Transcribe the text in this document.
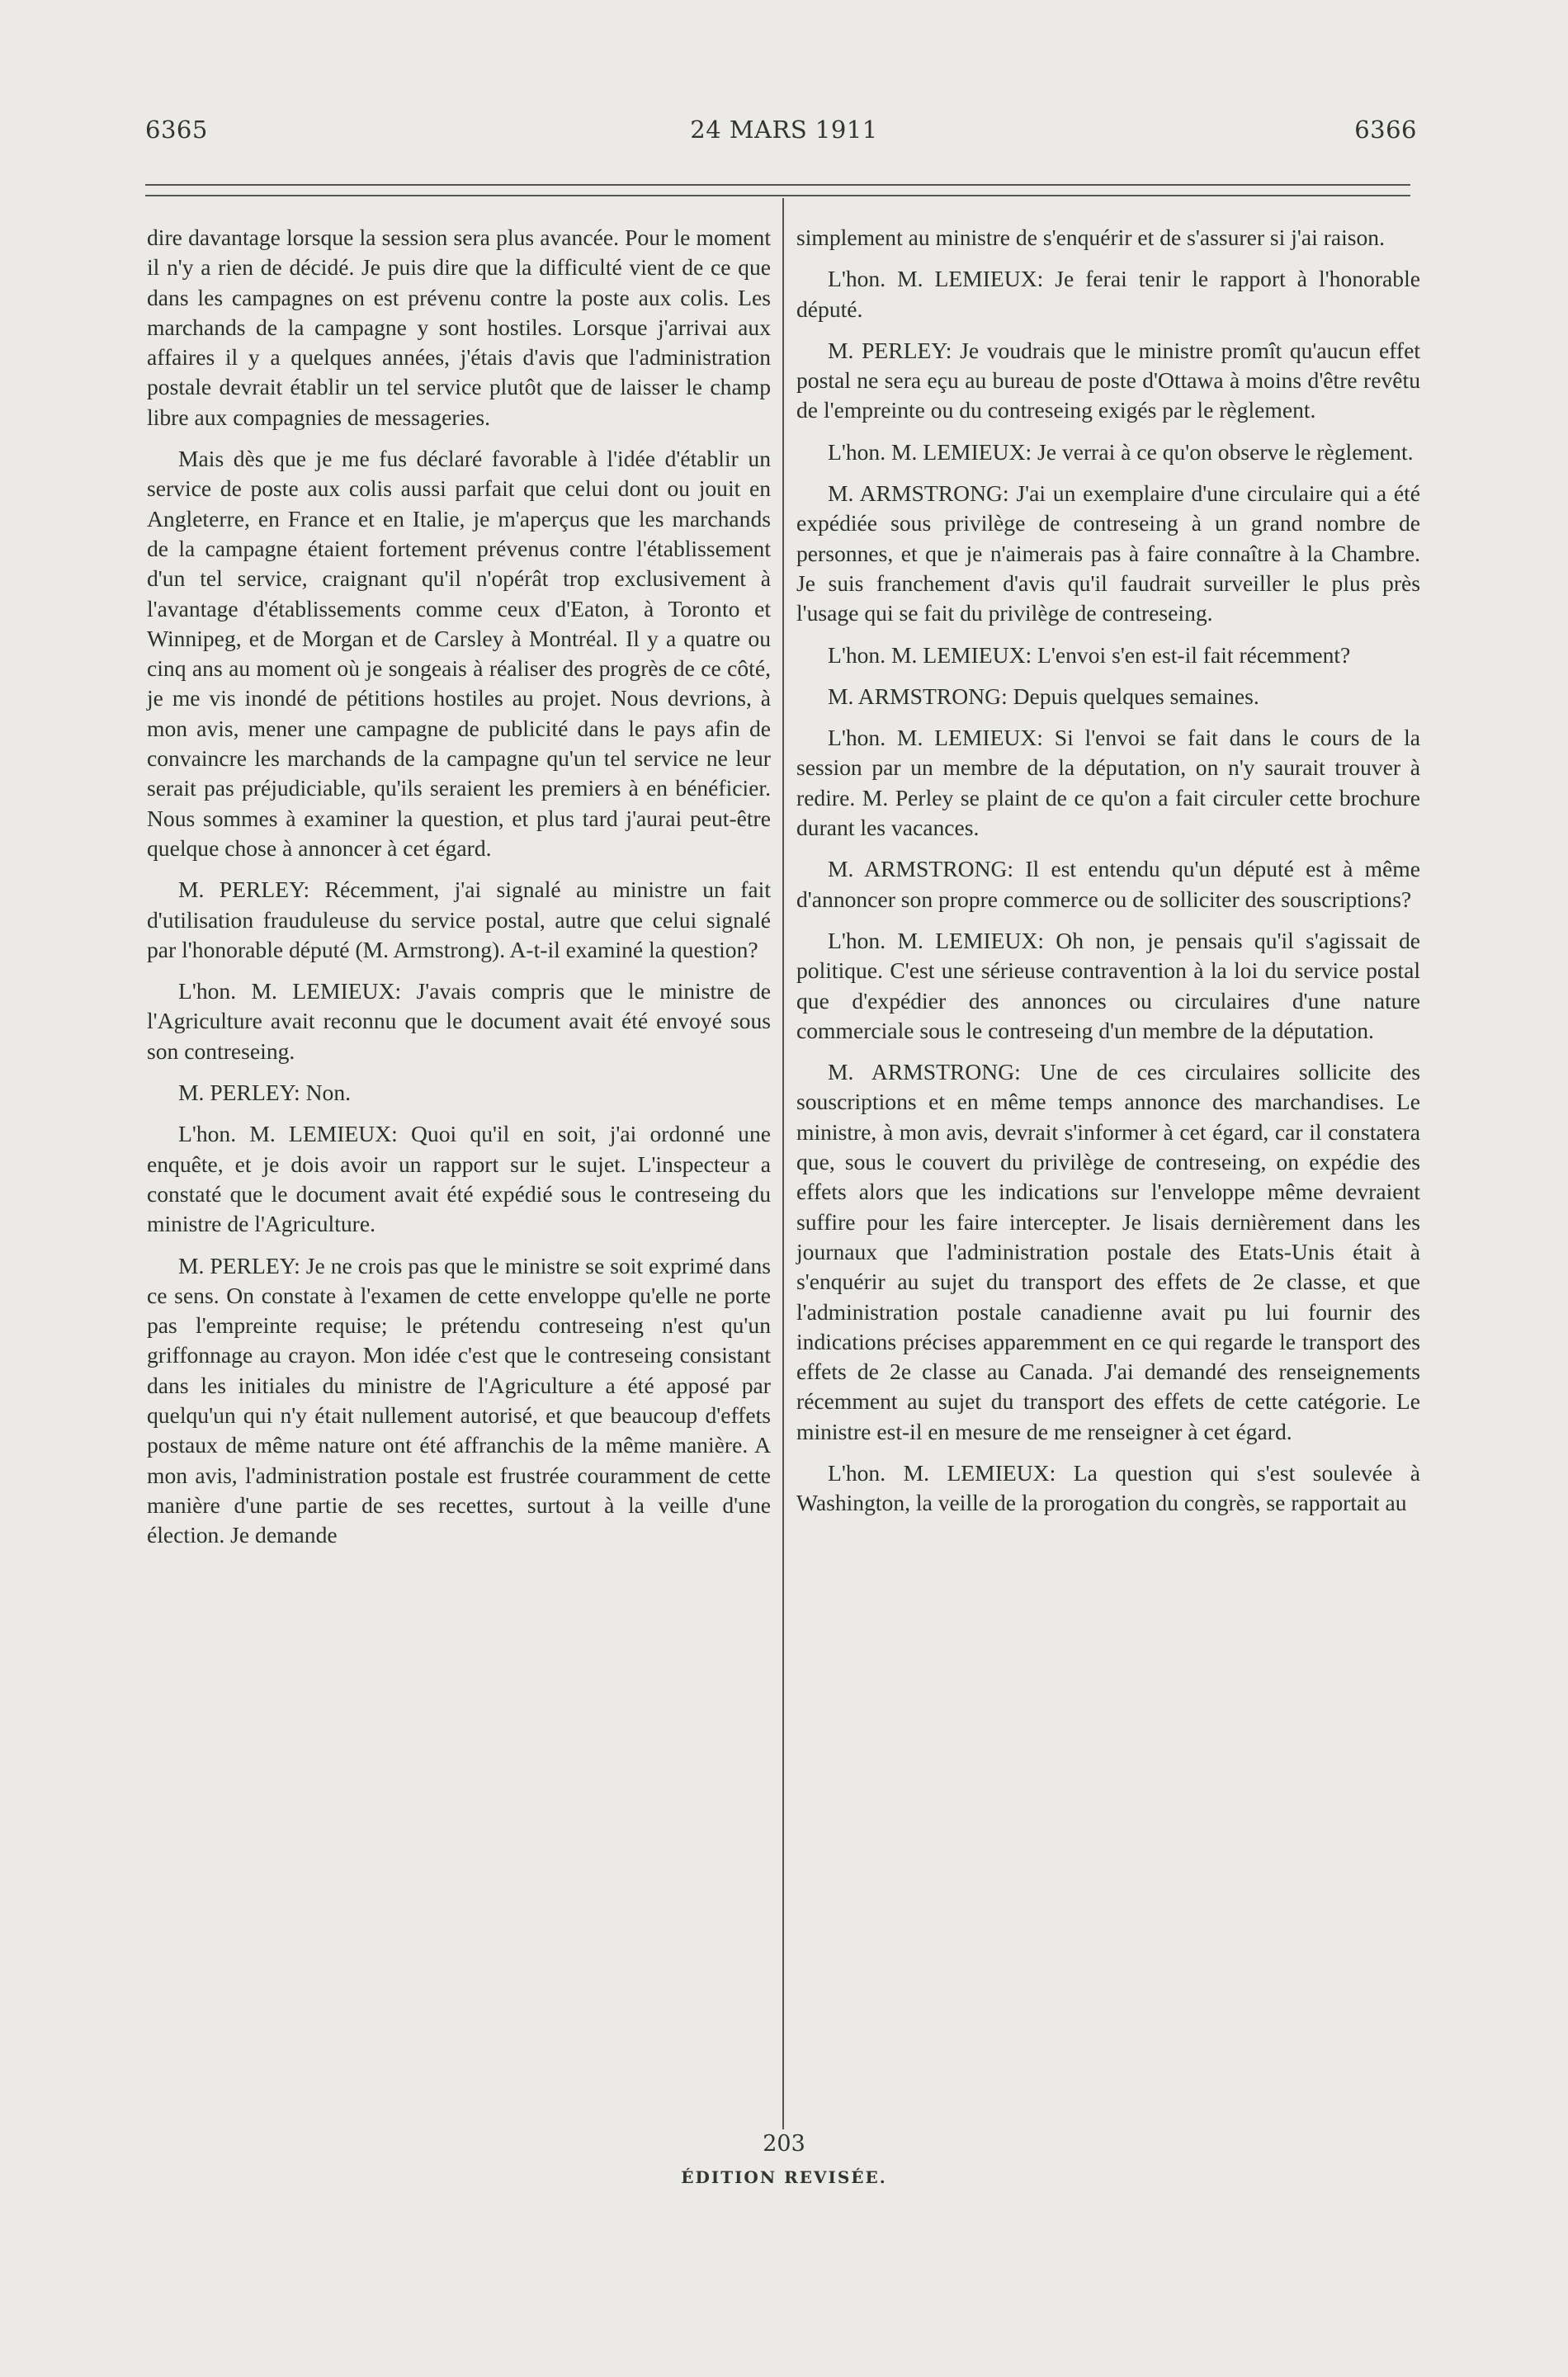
6365	24 MARS 1911	6366

dire davantage lorsque la session sera plus avancée. Pour le moment il n'y a rien de décidé. Je puis dire que la difficulté vient de ce que dans les campagnes on est prévenu contre la poste aux colis. Les marchands de la campagne y sont hostiles. Lorsque j'arrivai aux affaires il y a quelques années, j'étais d'avis que l'administration postale devrait établir un tel service plutôt que de laisser le champ libre aux compagnies de messageries.

Mais dès que je me fus déclaré favorable à l'idée d'établir un service de poste aux colis aussi parfait que celui dont ou jouit en Angleterre, en France et en Italie, je m'aperçus que les marchands de la campagne étaient fortement prévenus contre l'établissement d'un tel service, craignant qu'il n'opérât trop exclusivement à l'avantage d'établissements comme ceux d'Eaton, à Toronto et Winnipeg, et de Morgan et de Carsley à Montréal. Il y a quatre ou cinq ans au moment où je songeais à réaliser des progrès de ce côté, je me vis inondé de pétitions hostiles au projet. Nous devrions, à mon avis, mener une campagne de publicité dans le pays afin de convaincre les marchands de la campagne qu'un tel service ne leur serait pas préjudiciable, qu'ils seraient les premiers à en bénéficier. Nous sommes à examiner la question, et plus tard j'aurai peut-être quelque chose à annoncer à cet égard.

M. PERLEY: Récemment, j'ai signalé au ministre un fait d'utilisation frauduleuse du service postal, autre que celui signalé par l'honorable député (M. Armstrong). A-t-il examiné la question?

L'hon. M. LEMIEUX: J'avais compris que le ministre de l'Agriculture avait reconnu que le document avait été envoyé sous son contreseing.

M. PERLEY: Non.

L'hon. M. LEMIEUX: Quoi qu'il en soit, j'ai ordonné une enquête, et je dois avoir un rapport sur le sujet. L'inspecteur a constaté que le document avait été expédié sous le contreseing du ministre de l'Agriculture.

M. PERLEY: Je ne crois pas que le ministre se soit exprimé dans ce sens. On constate à l'examen de cette enveloppe qu'elle ne porte pas l'empreinte requise; le prétendu contreseing n'est qu'un griffonnage au crayon. Mon idée c'est que le contreseing consistant dans les initiales du ministre de l'Agriculture a été apposé par quelqu'un qui n'y était nullement autorisé, et que beaucoup d'effets postaux de même nature ont été affranchis de la même manière. A mon avis, l'administration postale est frustrée couramment de cette manière d'une partie de ses recettes, surtout à la veille d'une élection. Je demande

simplement au ministre de s'enquérir et de s'assurer si j'ai raison.

L'hon. M. LEMIEUX: Je ferai tenir le rapport à l'honorable député.

M. PERLEY: Je voudrais que le ministre promît qu'aucun effet postal ne sera eçu au bureau de poste d'Ottawa à moins d'être revêtu de l'empreinte ou du contreseing exigés par le règlement.

L'hon. M. LEMIEUX: Je verrai à ce qu'on observe le règlement.

M. ARMSTRONG: J'ai un exemplaire d'une circulaire qui a été expédiée sous privilège de contreseing à un grand nombre de personnes, et que je n'aimerais pas à faire connaître à la Chambre. Je suis franchement d'avis qu'il faudrait surveiller le plus près l'usage qui se fait du privilège de contreseing.

L'hon. M. LEMIEUX: L'envoi s'en est-il fait récemment?

M. ARMSTRONG: Depuis quelques semaines.

L'hon. M. LEMIEUX: Si l'envoi se fait dans le cours de la session par un membre de la députation, on n'y saurait trouver à redire. M. Perley se plaint de ce qu'on a fait circuler cette brochure durant les vacances.

M. ARMSTRONG: Il est entendu qu'un député est à même d'annoncer son propre commerce ou de solliciter des souscriptions?

L'hon. M. LEMIEUX: Oh non, je pensais qu'il s'agissait de politique. C'est une sérieuse contravention à la loi du service postal que d'expédier des annonces ou circulaires d'une nature commerciale sous le contreseing d'un membre de la députation.

M. ARMSTRONG: Une de ces circulaires sollicite des souscriptions et en même temps annonce des marchandises. Le ministre, à mon avis, devrait s'informer à cet égard, car il constatera que, sous le couvert du privilège de contreseing, on expédie des effets alors que les indications sur l'enveloppe même devraient suffire pour les faire intercepter. Je lisais dernièrement dans les journaux que l'administration postale des Etats-Unis était à s'enquérir au sujet du transport des effets de 2e classe, et que l'administration postale canadienne avait pu lui fournir des indications précises apparemment en ce qui regarde le transport des effets de 2e classe au Canada. J'ai demandé des renseignements récemment au sujet du transport des effets de cette catégorie. Le ministre est-il en mesure de me renseigner à cet égard.

L'hon. M. LEMIEUX: La question qui s'est soulevée à Washington, la veille de la prorogation du congrès, se rapportait au

203
ÉDITION REVISÉE.
